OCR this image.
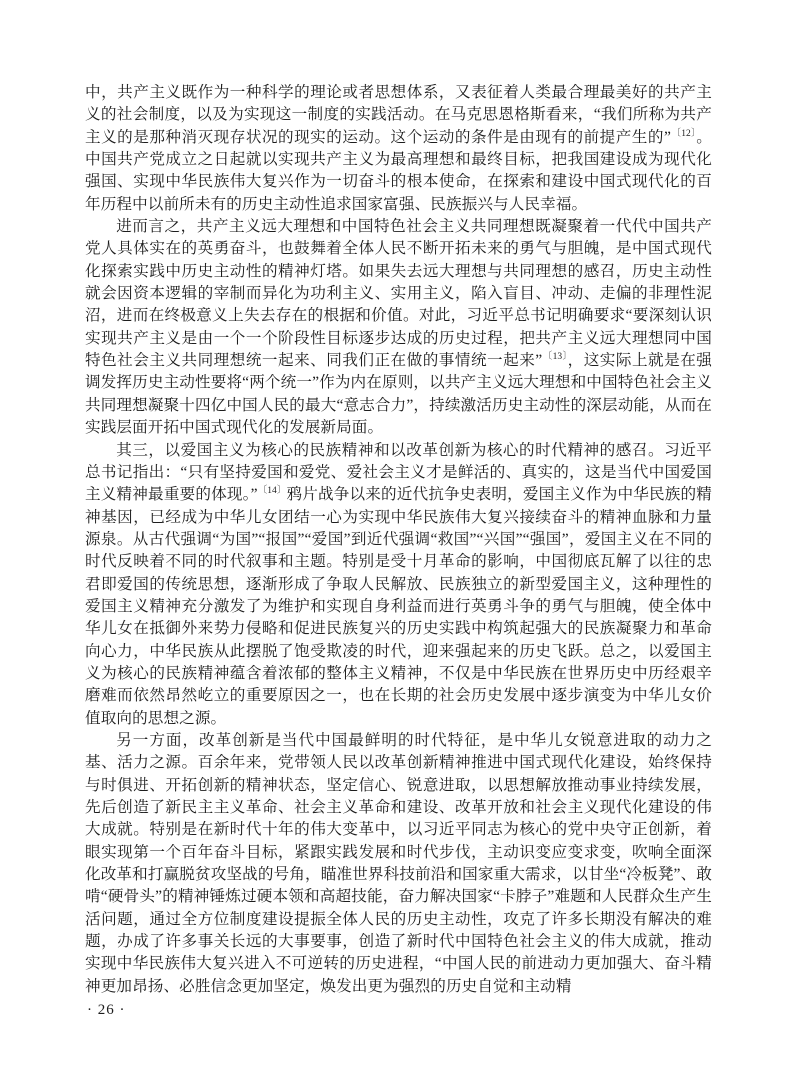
中，共产主义既作为一种科学的理论或者思想体系，又表征着人类最合理最美好的共产主义的社会制度，以及为实现这一制度的实践活动。在马克思恩格斯看来，“我们所称为共产主义的是那种消灭现存状况的现实的运动。这个运动的条件是由现有的前提产生的”$^{〔12〕}$。中国共产党成立之日起就以实现共产主义为最高理想和最终目标，把我国建设成为现代化强国、实现中华民族伟大复兴作为一切奋斗的根本使命，在探索和建设中国式现代化的百年历程中以前所未有的历史主动性追求国家富强、民族振兴与人民幸福。

进而言之，共产主义远大理想和中国特色社会主义共同理想既凝聚着一代代中国共产党人具体实在的英勇奋斗，也鼓舞着全体人民不断开拓未来的勇气与胆魄，是中国式现代化探索实践中历史主动性的精神灯塔。如果失去远大理想与共同理想的感召，历史主动性就会因资本逻辑的宰制而异化为功利主义、实用主义，陷入盲目、冲动、走偏的非理性泥沼，进而在终极意义上失去存在的根据和价值。对此，习近平总书记明确要求“要深刻认识实现共产主义是由一个一个阶段性目标逐步达成的历史过程，把共产主义远大理想同中国特色社会主义共同理想统一起来、同我们正在做的事情统一起来”$^{〔13〕}$，这实际上就是在强调发挥历史主动性要将“两个统一”作为内在原则，以共产主义远大理想和中国特色社会主义共同理想凝聚十四亿中国人民的最大“意志合力”，持续激活历史主动性的深层动能，从而在实践层面开拓中国式现代化的发展新局面。

其三，以爱国主义为核心的民族精神和以改革创新为核心的时代精神的感召。习近平总书记指出：“只有坚持爱国和爱党、爱社会主义才是鲜活的、真实的，这是当代中国爱国主义精神最重要的体现。”$^{〔14〕}$鸦片战争以来的近代抗争史表明，爱国主义作为中华民族的精神基因，已经成为中华儿女团结一心为实现中华民族伟大复兴接续奋斗的精神血脉和力量源泉。从古代强调“为国”“报国”“爱国”到近代强调“救国”“兴国”“强国”，爱国主义在不同的时代反映着不同的时代叙事和主题。特别是受十月革命的影响，中国彻底瓦解了以往的忠君即爱国的传统思想，逐渐形成了争取人民解放、民族独立的新型爱国主义，这种理性的爱国主义精神充分激发了为维护和实现自身利益而进行英勇斗争的勇气与胆魄，使全体中华儿女在抵御外来势力侵略和促进民族复兴的历史实践中构筑起强大的民族凝聚力和革命向心力，中华民族从此摆脱了饱受欺凌的时代，迎来强起来的历史飞跃。总之，以爱国主义为核心的民族精神蕴含着浓郁的整体主义精神，不仅是中华民族在世界历史中历经艰辛磨难而依然昂然屹立的重要原因之一，也在长期的社会历史发展中逐步演变为中华儿女价值取向的思想之源。

另一方面，改革创新是当代中国最鲜明的时代特征，是中华儿女锐意进取的动力之基、活力之源。百余年来，党带领人民以改革创新精神推进中国式现代化建设，始终保持与时俱进、开拓创新的精神状态，坚定信心、锐意进取，以思想解放推动事业持续发展，先后创造了新民主主义革命、社会主义革命和建设、改革开放和社会主义现代化建设的伟大成就。特别是在新时代十年的伟大变革中，以习近平同志为核心的党中央守正创新，着眼实现第一个百年奋斗目标，紧跟实践发展和时代步伐，主动识变应变求变，吹响全面深化改革和打赢脱贫攻坚战的号角，瞄准世界科技前沿和国家重大需求，以甘坐“冷板凳”、敢啃“硬骨头”的精神锤炼过硬本领和高超技能，奋力解决国家“卡脖子”难题和人民群众生产生活问题，通过全方位制度建设提振全体人民的历史主动性，攻克了许多长期没有解决的难题，办成了许多事关长远的大事要事，创造了新时代中国特色社会主义的伟大成就，推动实现中华民族伟大复兴进入不可逆转的历史进程，“中国人民的前进动力更加强大、奋斗精神更加昂扬、必胜信念更加坚定，焕发出更为强烈的历史自觉和主动精

· 26 ·
